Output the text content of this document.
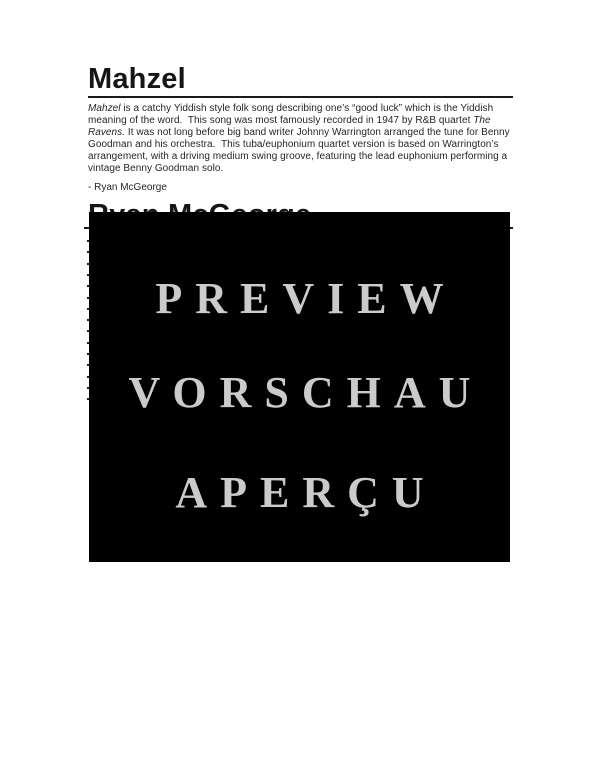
Mahzel

Mahzel is a catchy Yiddish style folk song describing one’s “good luck” which is the Yiddish meaning of the word.  This song was most famously recorded in 1947 by R&B quartet The Ravens. It was not long before big band writer Johnny Warrington arranged the tune for Benny Goodman and his orchestra.  This tuba/euphonium quartet version is based on Warrington’s arrangement, with a driving medium swing groove, featuring the lead euphonium performing a vintage Benny Goodman solo.

- Ryan McGeorge

PREVIEW
VORSCHAU
APERÇU
